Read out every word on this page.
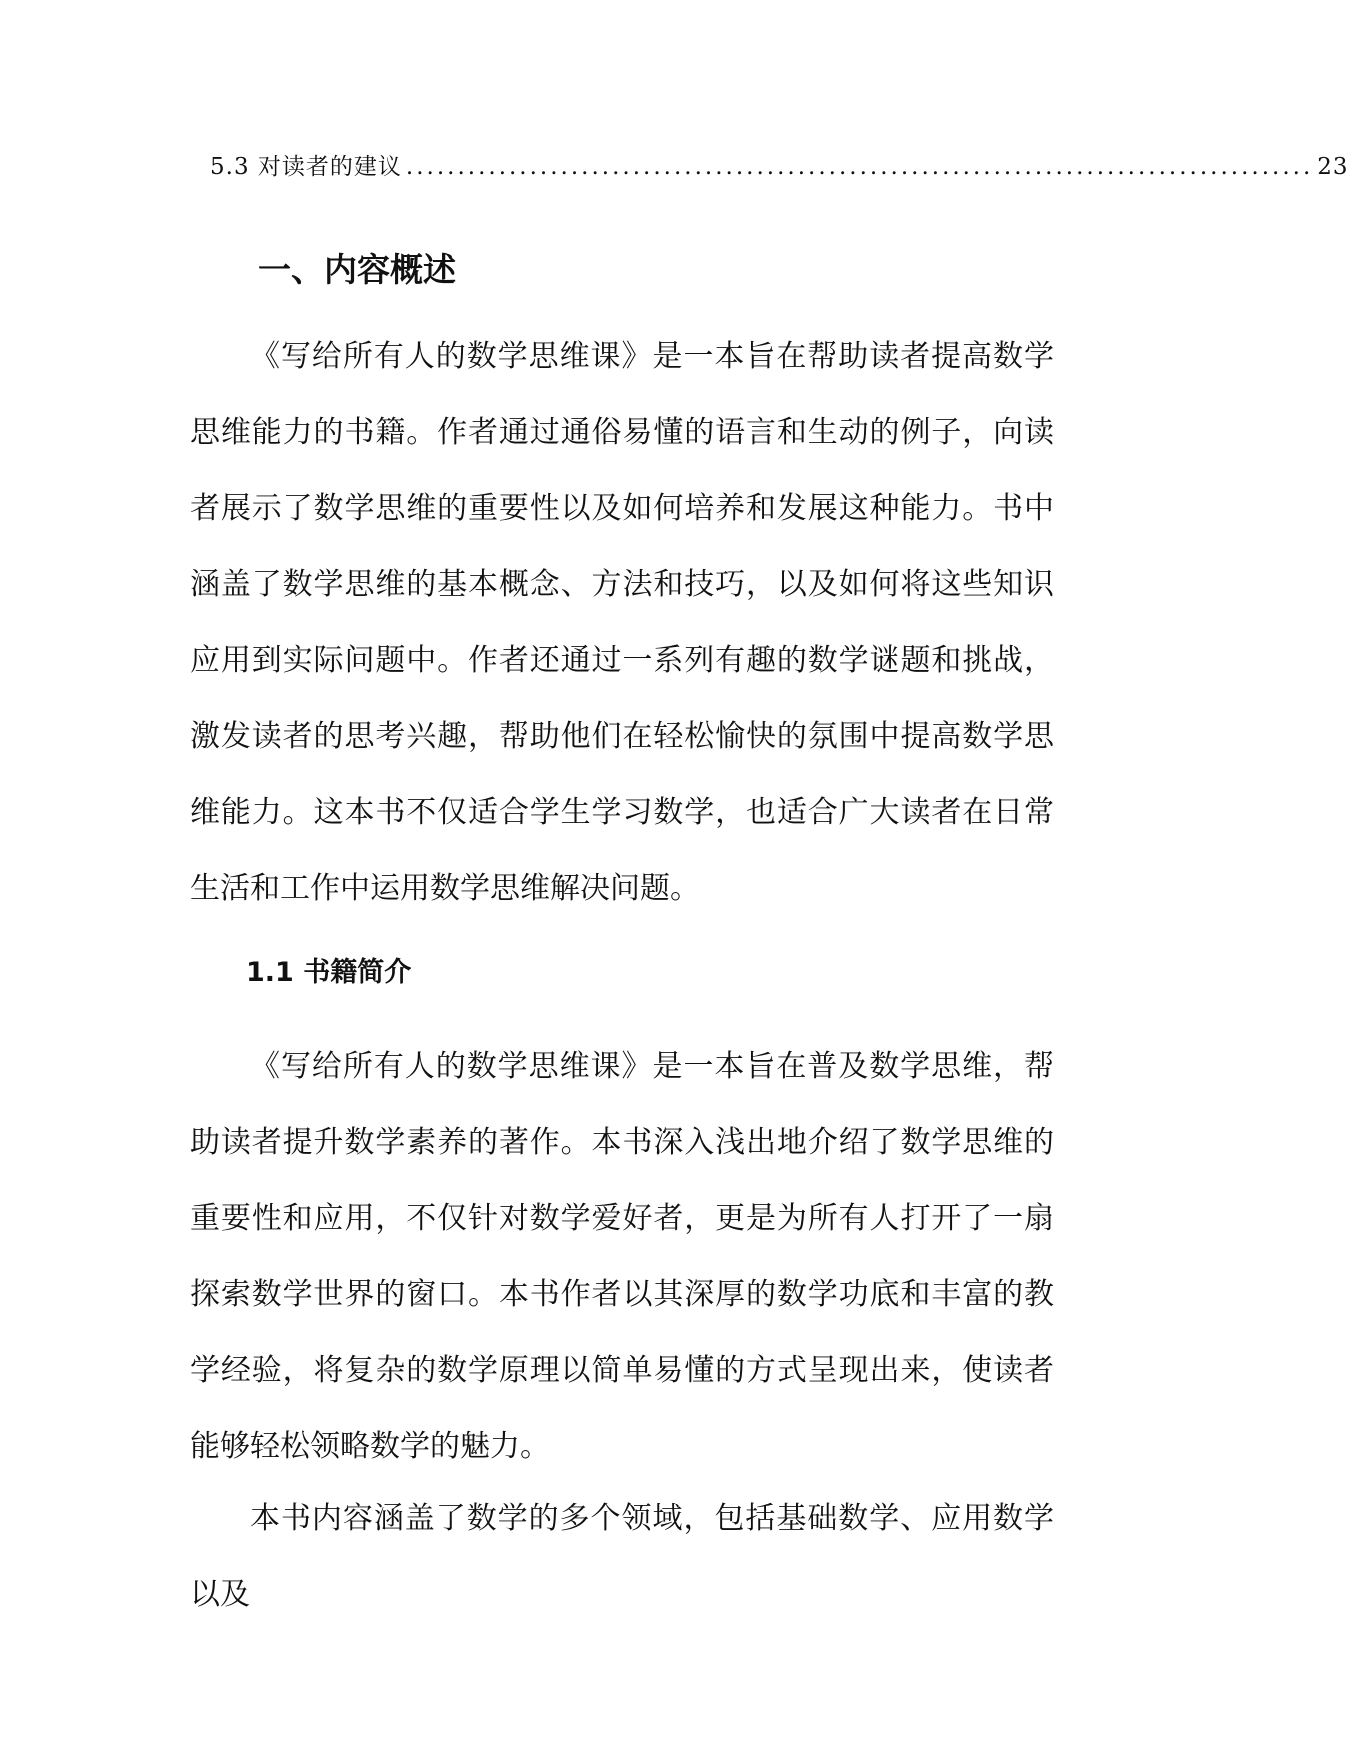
5.3 对读者的建议 ........................................................................................ 23
一、内容概述

《写给所有人的数学思维课》是一本旨在帮助读者提高数学思维能力的书籍。作者通过通俗易懂的语言和生动的例子，向读者展示了数学思维的重要性以及如何培养和发展这种能力。书中涵盖了数学思维的基本概念、方法和技巧，以及如何将这些知识应用到实际问题中。作者还通过一系列有趣的数学谜题和挑战，激发读者的思考兴趣，帮助他们在轻松愉快的氛围中提高数学思维能力。这本书不仅适合学生学习数学，也适合广大读者在日常生活和工作中运用数学思维解决问题。

1.1 书籍简介

《写给所有人的数学思维课》是一本旨在普及数学思维，帮助读者提升数学素养的著作。本书深入浅出地介绍了数学思维的重要性和应用，不仅针对数学爱好者，更是为所有人打开了一扇探索数学世界的窗口。本书作者以其深厚的数学功底和丰富的教学经验，将复杂的数学原理以简单易懂的方式呈现出来，使读者能够轻松领略数学的魅力。

本书内容涵盖了数学的多个领域，包括基础数学、应用数学以及
